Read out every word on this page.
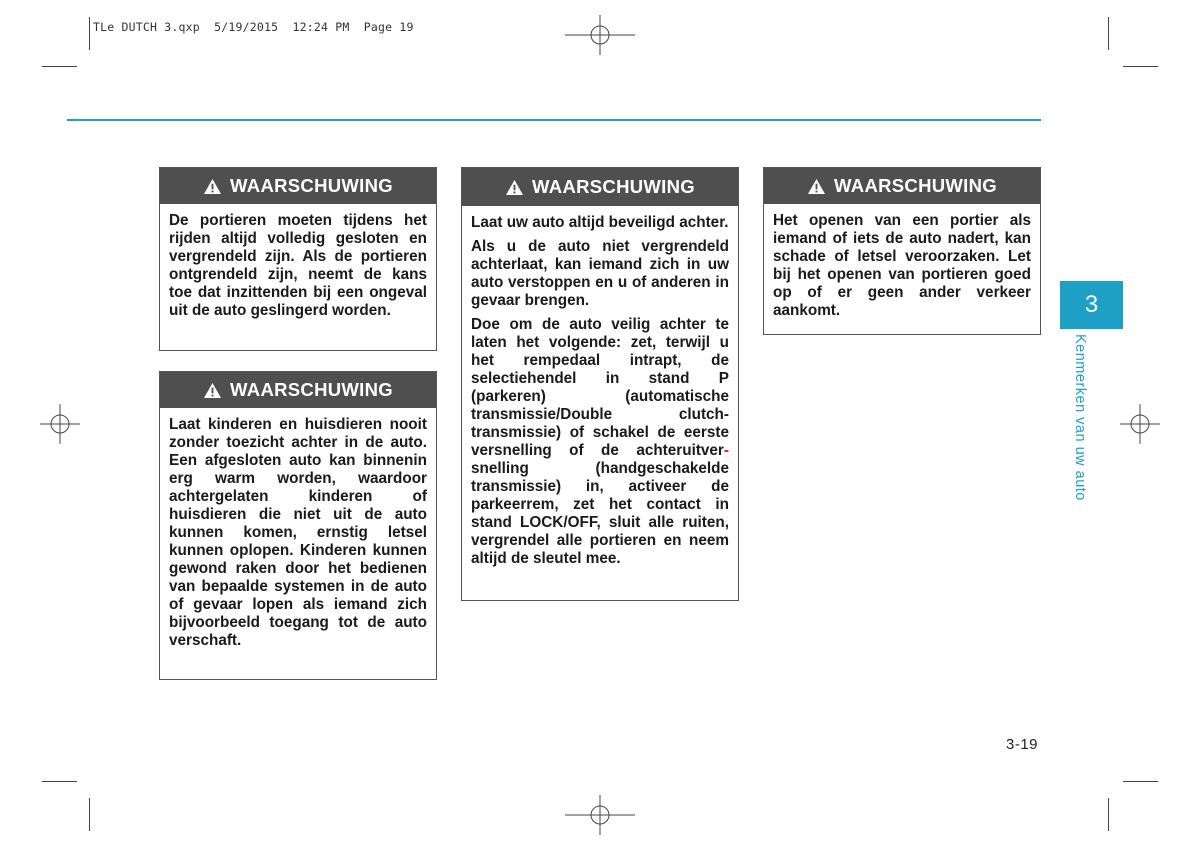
TLe DUTCH 3.qxp  5/19/2015  12:24 PM  Page 19
WAARSCHUWING

De portieren moeten tijdens het rijden altijd volledig gesloten en vergrendeld zijn. Als de portieren ontgrendeld zijn, neemt de kans toe dat inzittenden bij een ongeval uit de auto geslingerd worden.

WAARSCHUWING

Laat kinderen en huisdieren nooit zonder toezicht achter in de auto. Een afgesloten auto kan binnenin erg warm worden, waardoor achtergelaten kinderen of huisdieren die niet uit de auto kunnen komen, ernstig letsel kunnen oplopen. Kinderen kunnen gewond raken door het bedienen van bepaalde systemen in de auto of gevaar lopen als iemand zich bijvoorbeeld toegang tot de auto verschaft.

WAARSCHUWING

Laat uw auto altijd beveiligd achter.

Als u de auto niet vergrendeld achterlaat, kan iemand zich in uw auto verstoppen en u of anderen in gevaar brengen.

Doe om de auto veilig achter te laten het volgende: zet, terwijl u het rempedaal intrapt, de selectiehendel in stand P (parkeren) (automatische transmissie/Double clutch-transmissie) of schakel de eerste versnelling of de achteruitver-snelling (handgeschakelde transmissie) in, activeer de parkeerrem, zet het contact in stand LOCK/OFF, sluit alle ruiten, vergrendel alle portieren en neem altijd de sleutel mee.

WAARSCHUWING

Het openen van een portier als iemand of iets de auto nadert, kan schade of letsel veroorzaken. Let bij het openen van portieren goed op of er geen ander verkeer aankomt.	3
Kenmerken van uw auto
3-19
